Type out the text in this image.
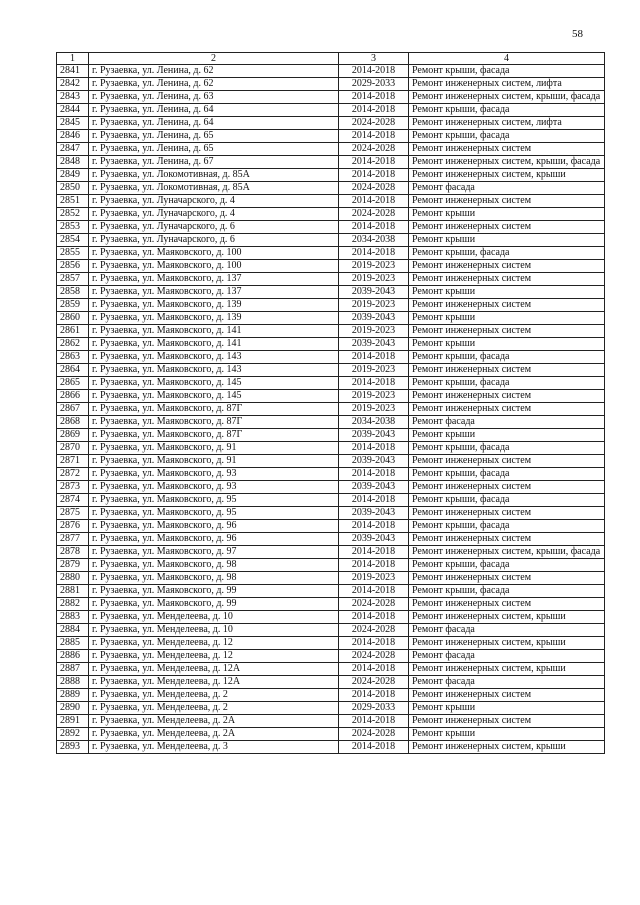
58
1	2	3	4
2841	г. Рузаевка, ул. Ленина, д. 62	2014-2018	Ремонт крыши, фасада
2842	г. Рузаевка, ул. Ленина, д. 62	2029-2033	Ремонт инженерных систем, лифта
2843	г. Рузаевка, ул. Ленина, д. 63	2014-2018	Ремонт инженерных систем, крыши, фасада
2844	г. Рузаевка, ул. Ленина, д. 64	2014-2018	Ремонт крыши, фасада
2845	г. Рузаевка, ул. Ленина, д. 64	2024-2028	Ремонт инженерных систем, лифта
2846	г. Рузаевка, ул. Ленина, д. 65	2014-2018	Ремонт крыши, фасада
2847	г. Рузаевка, ул. Ленина, д. 65	2024-2028	Ремонт инженерных систем
2848	г. Рузаевка, ул. Ленина, д. 67	2014-2018	Ремонт инженерных систем, крыши, фасада
2849	г. Рузаевка, ул. Локомотивная, д. 85А	2014-2018	Ремонт инженерных систем, крыши
2850	г. Рузаевка, ул. Локомотивная, д. 85А	2024-2028	Ремонт фасада
2851	г. Рузаевка, ул. Луначарского, д. 4	2014-2018	Ремонт инженерных систем
2852	г. Рузаевка, ул. Луначарского, д. 4	2024-2028	Ремонт крыши
2853	г. Рузаевка, ул. Луначарского, д. 6	2014-2018	Ремонт инженерных систем
2854	г. Рузаевка, ул. Луначарского, д. 6	2034-2038	Ремонт крыши
2855	г. Рузаевка, ул. Маяковского, д. 100	2014-2018	Ремонт крыши, фасада
2856	г. Рузаевка, ул. Маяковского, д. 100	2019-2023	Ремонт инженерных систем
2857	г. Рузаевка, ул. Маяковского, д. 137	2019-2023	Ремонт инженерных систем
2858	г. Рузаевка, ул. Маяковского, д. 137	2039-2043	Ремонт крыши
2859	г. Рузаевка, ул. Маяковского, д. 139	2019-2023	Ремонт инженерных систем
2860	г. Рузаевка, ул. Маяковского, д. 139	2039-2043	Ремонт крыши
2861	г. Рузаевка, ул. Маяковского, д. 141	2019-2023	Ремонт инженерных систем
2862	г. Рузаевка, ул. Маяковского, д. 141	2039-2043	Ремонт крыши
2863	г. Рузаевка, ул. Маяковского, д. 143	2014-2018	Ремонт крыши, фасада
2864	г. Рузаевка, ул. Маяковского, д. 143	2019-2023	Ремонт инженерных систем
2865	г. Рузаевка, ул. Маяковского, д. 145	2014-2018	Ремонт крыши, фасада
2866	г. Рузаевка, ул. Маяковского, д. 145	2019-2023	Ремонт инженерных систем
2867	г. Рузаевка, ул. Маяковского, д. 87Г	2019-2023	Ремонт инженерных систем
2868	г. Рузаевка, ул. Маяковского, д. 87Г	2034-2038	Ремонт фасада
2869	г. Рузаевка, ул. Маяковского, д. 87Г	2039-2043	Ремонт крыши
2870	г. Рузаевка, ул. Маяковского, д. 91	2014-2018	Ремонт крыши, фасада
2871	г. Рузаевка, ул. Маяковского, д. 91	2039-2043	Ремонт инженерных систем
2872	г. Рузаевка, ул. Маяковского, д. 93	2014-2018	Ремонт крыши, фасада
2873	г. Рузаевка, ул. Маяковского, д. 93	2039-2043	Ремонт инженерных систем
2874	г. Рузаевка, ул. Маяковского, д. 95	2014-2018	Ремонт крыши, фасада
2875	г. Рузаевка, ул. Маяковского, д. 95	2039-2043	Ремонт инженерных систем
2876	г. Рузаевка, ул. Маяковского, д. 96	2014-2018	Ремонт крыши, фасада
2877	г. Рузаевка, ул. Маяковского, д. 96	2039-2043	Ремонт инженерных систем
2878	г. Рузаевка, ул. Маяковского, д. 97	2014-2018	Ремонт инженерных систем, крыши, фасада
2879	г. Рузаевка, ул. Маяковского, д. 98	2014-2018	Ремонт крыши, фасада
2880	г. Рузаевка, ул. Маяковского, д. 98	2019-2023	Ремонт инженерных систем
2881	г. Рузаевка, ул. Маяковского, д. 99	2014-2018	Ремонт крыши, фасада
2882	г. Рузаевка, ул. Маяковского, д. 99	2024-2028	Ремонт инженерных систем
2883	г. Рузаевка, ул. Менделеева, д. 10	2014-2018	Ремонт инженерных систем, крыши
2884	г. Рузаевка, ул. Менделеева, д. 10	2024-2028	Ремонт фасада
2885	г. Рузаевка, ул. Менделеева, д. 12	2014-2018	Ремонт инженерных систем, крыши
2886	г. Рузаевка, ул. Менделеева, д. 12	2024-2028	Ремонт фасада
2887	г. Рузаевка, ул. Менделеева, д. 12А	2014-2018	Ремонт инженерных систем, крыши
2888	г. Рузаевка, ул. Менделеева, д. 12А	2024-2028	Ремонт фасада
2889	г. Рузаевка, ул. Менделеева, д. 2	2014-2018	Ремонт инженерных систем
2890	г. Рузаевка, ул. Менделеева, д. 2	2029-2033	Ремонт крыши
2891	г. Рузаевка, ул. Менделеева, д. 2А	2014-2018	Ремонт инженерных систем
2892	г. Рузаевка, ул. Менделеева, д. 2А	2024-2028	Ремонт крыши
2893	г. Рузаевка, ул. Менделеева, д. 3	2014-2018	Ремонт инженерных систем, крыши
